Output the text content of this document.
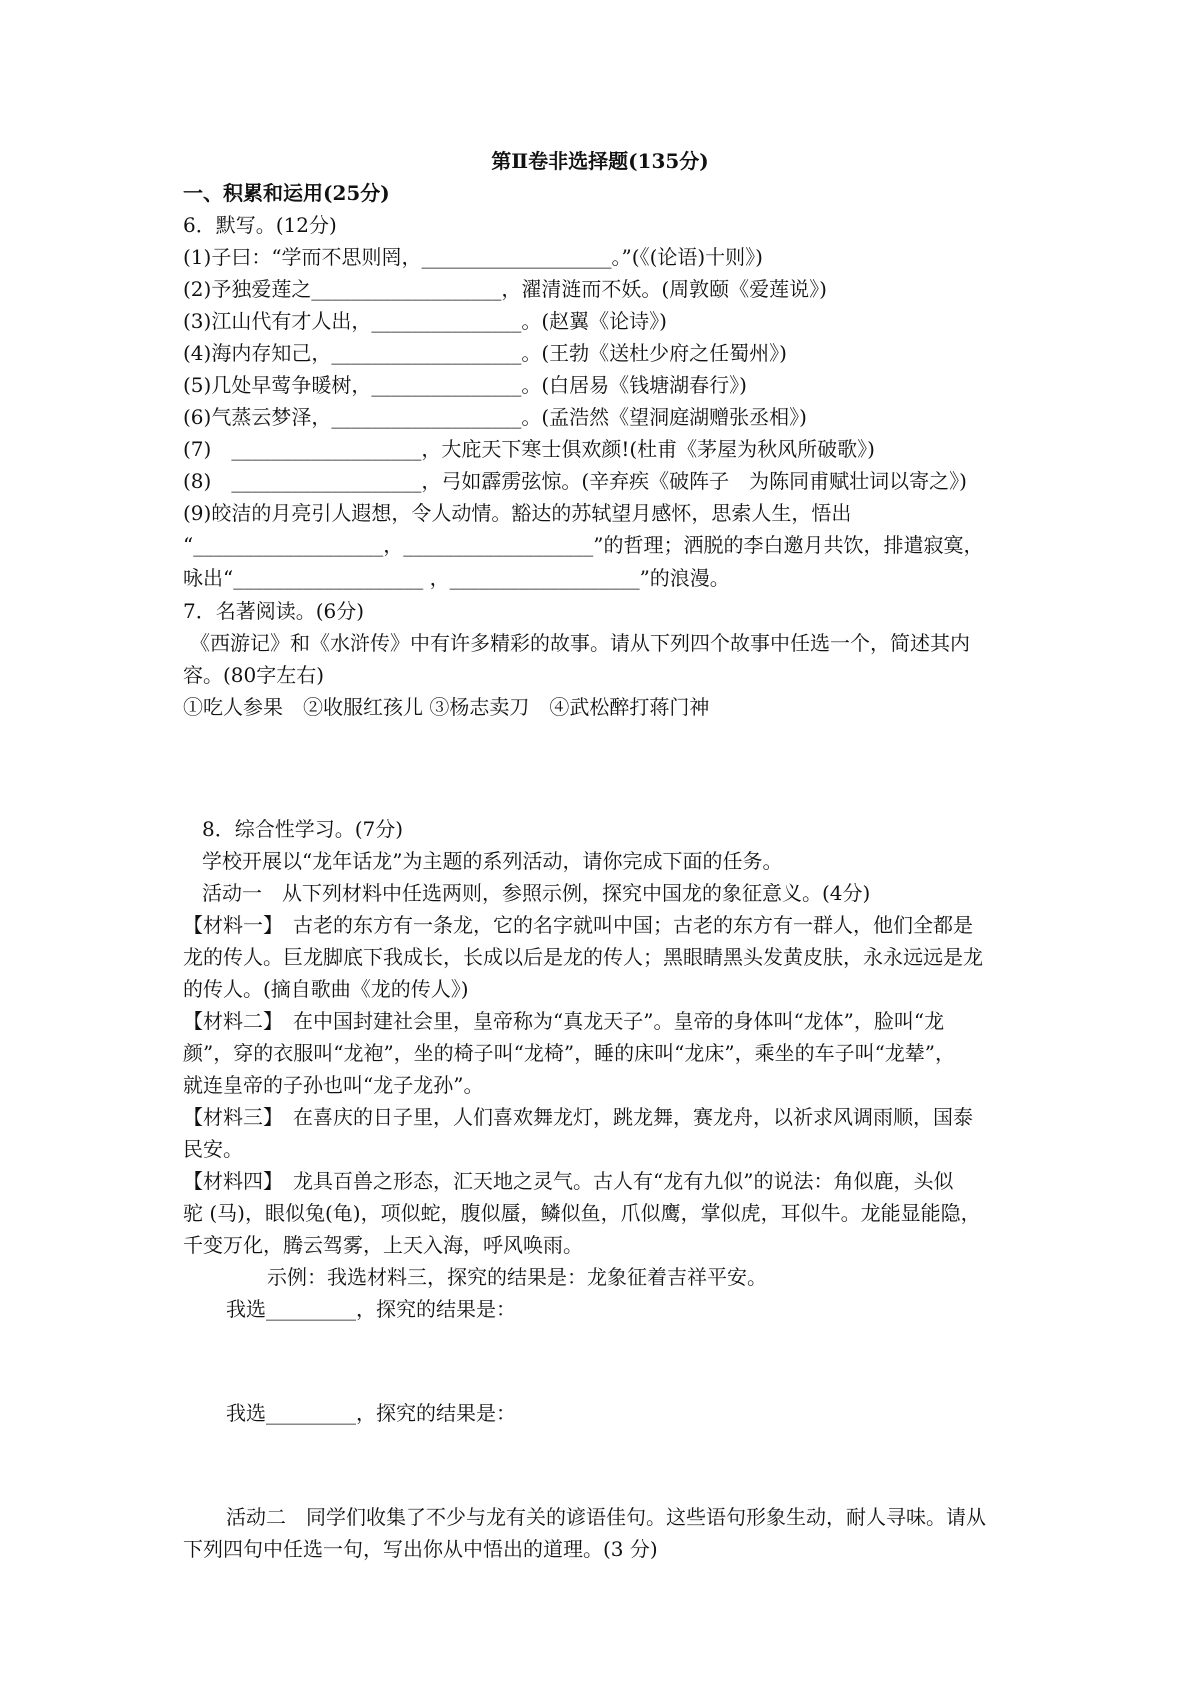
第Ⅱ卷非选择题(135分)
一、积累和运用(25分)
6．默写。(12分)
(1)子曰：“学而不思则罔，___________________。”(《(论语)十则》)
(2)予独爱莲之___________________，濯清涟而不妖。(周敦颐《爱莲说》)
(3)江山代有才人出，_______________。(赵翼《论诗》)
(4)海内存知己，___________________。(王勃《送杜少府之任蜀州》)
(5)几处早莺争暖树，_______________。(白居易《钱塘湖春行》)
(6)气蒸云梦泽，___________________。(孟浩然《望洞庭湖赠张丞相》)
(7)　___________________，大庇天下寒士俱欢颜!(杜甫《茅屋为秋风所破歌》)
(8)　___________________，弓如霹雳弦惊。(辛弃疾《破阵子　为陈同甫赋壮词以寄之》)
(9)皎洁的月亮引人遐想，令人动情。豁达的苏轼望月感怀，思索人生，悟出
“___________________，___________________”的哲理；洒脱的李白邀月共饮，排遣寂寞，
咏出“___________________ ，___________________”的浪漫。
7．名著阅读。(6分)
《西游记》和《水浒传》中有许多精彩的故事。请从下列四个故事中任选一个，简述其内
容。(80字左右)
①吃人参果　②收服红孩儿 ③杨志卖刀　④武松醉打蒋门神
8．综合性学习。(7分)
学校开展以“龙年话龙”为主题的系列活动，请你完成下面的任务。
活动一　从下列材料中任选两则，参照示例，探究中国龙的象征意义。(4分)
【材料一】　古老的东方有一条龙，它的名字就叫中国；古老的东方有一群人，他们全都是
龙的传人。巨龙脚底下我成长，长成以后是龙的传人；黑眼睛黑头发黄皮肤，永永远远是龙
的传人。(摘自歌曲《龙的传人》)
【材料二】　在中国封建社会里，皇帝称为“真龙天子”。皇帝的身体叫“龙体”，脸叫“龙
颜”，穿的衣服叫“龙袍”，坐的椅子叫“龙椅”，睡的床叫“龙床”，乘坐的车子叫“龙辇”，
就连皇帝的子孙也叫“龙子龙孙”。
【材料三】　在喜庆的日子里，人们喜欢舞龙灯，跳龙舞，赛龙舟，以祈求风调雨顺，国泰
民安。
【材料四】　龙具百兽之形态，汇天地之灵气。古人有“龙有九似”的说法：角似鹿，头似
驼 (马)，眼似兔(龟)，项似蛇，腹似蜃，鳞似鱼，爪似鹰，掌似虎，耳似牛。龙能显能隐，
千变万化，腾云驾雾，上天入海，呼风唤雨。
示例：我选材料三，探究的结果是：龙象征着吉祥平安。
我选_________，探究的结果是：
我选_________，探究的结果是：
活动二　同学们收集了不少与龙有关的谚语佳句。这些语句形象生动，耐人寻味。请从
下列四句中任选一句，写出你从中悟出的道理。(3 分)
